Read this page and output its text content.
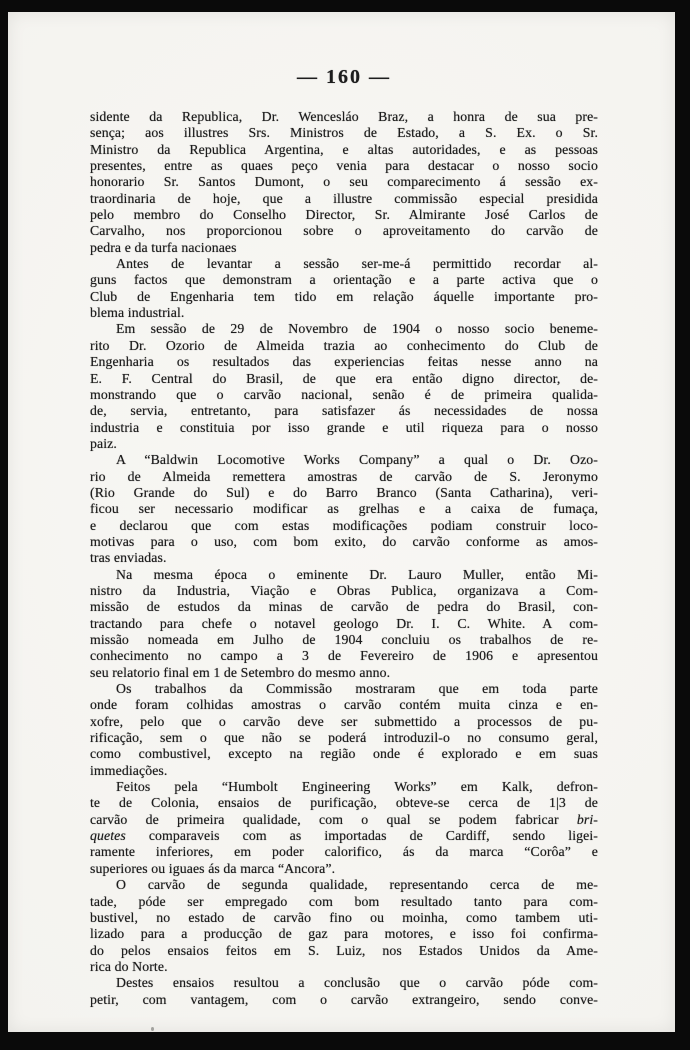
— 160 —
sidente da Republica, Dr. Wencesláo Braz, a honra de sua pre-
sença; aos illustres Srs. Ministros de Estado, a S. Ex. o Sr.
Ministro da Republica Argentina, e altas autoridades, e as pessoas
presentes, entre as quaes peço venia para destacar o nosso socio
honorario Sr. Santos Dumont, o seu comparecimento á sessão ex-
traordinaria de hoje, que a illustre commissão especial presidida
pelo membro do Conselho Director, Sr. Almirante José Carlos de
Carvalho, nos proporcionou sobre o aproveitamento do carvão de
pedra e da turfa nacionaes
Antes de levantar a sessão ser-me-á permittido recordar al-
guns factos que demonstram a orientação e a parte activa que o
Club de Engenharia tem tido em relação áquelle importante pro-
blema industrial.
Em sessão de 29 de Novembro de 1904 o nosso socio beneme-
rito Dr. Ozorio de Almeida trazia ao conhecimento do Club de
Engenharia os resultados das experiencias feitas nesse anno na
E. F. Central do Brasil, de que era então digno director, de-
monstrando que o carvão nacional, senão é de primeira qualida-
de, servia, entretanto, para satisfazer ás necessidades de nossa
industria e constituia por isso grande e util riqueza para o nosso
paiz.
A “Baldwin Locomotive Works Company” a qual o Dr. Ozo-
rio de Almeida remettera amostras de carvão de S. Jeronymo
(Rio Grande do Sul) e do Barro Branco (Santa Catharina), veri-
ficou ser necessario modificar as grelhas e a caixa de fumaça,
e declarou que com estas modificações podiam construir loco-
motivas para o uso, com bom exito, do carvão conforme as amos-
tras enviadas.
Na mesma época o eminente Dr. Lauro Muller, então Mi-
nistro da Industria, Viação e Obras Publica, organizava a Com-
missão de estudos da minas de carvão de pedra do Brasil, con-
tractando para chefe o notavel geologo Dr. I. C. White. A com-
missão nomeada em Julho de 1904 concluiu os trabalhos de re-
conhecimento no campo a 3 de Fevereiro de 1906 e apresentou
seu relatorio final em 1 de Setembro do mesmo anno.
Os trabalhos da Commissão mostraram que em toda parte
onde foram colhidas amostras o carvão contém muita cinza e en-
xofre, pelo que o carvão deve ser submettido a processos de pu-
rificação, sem o que não se poderá introduzil-o no consumo geral,
como combustivel, excepto na região onde é explorado e em suas
immediações.
Feitos pela “Humbolt Engineering Works” em Kalk, defron-
te de Colonia, ensaios de purificação, obteve-se cerca de 1|3 de
carvão de primeira qualidade, com o qual se podem fabricar bri-
quetes comparaveis com as importadas de Cardiff, sendo ligei-
ramente inferiores, em poder calorifico, ás da marca “Corôa” e
superiores ou iguaes ás da marca “Ancora”.
O carvão de segunda qualidade, representando cerca de me-
tade, póde ser empregado com bom resultado tanto para com-
bustivel, no estado de carvão fino ou moinha, como tambem uti-
lizado para a producção de gaz para motores, e isso foi confirma-
do pelos ensaios feitos em S. Luiz, nos Estados Unidos da Ame-
rica do Norte.
Destes ensaios resultou a conclusão que o carvão póde com-
petir, com vantagem, com o carvão extrangeiro, sendo conve-
